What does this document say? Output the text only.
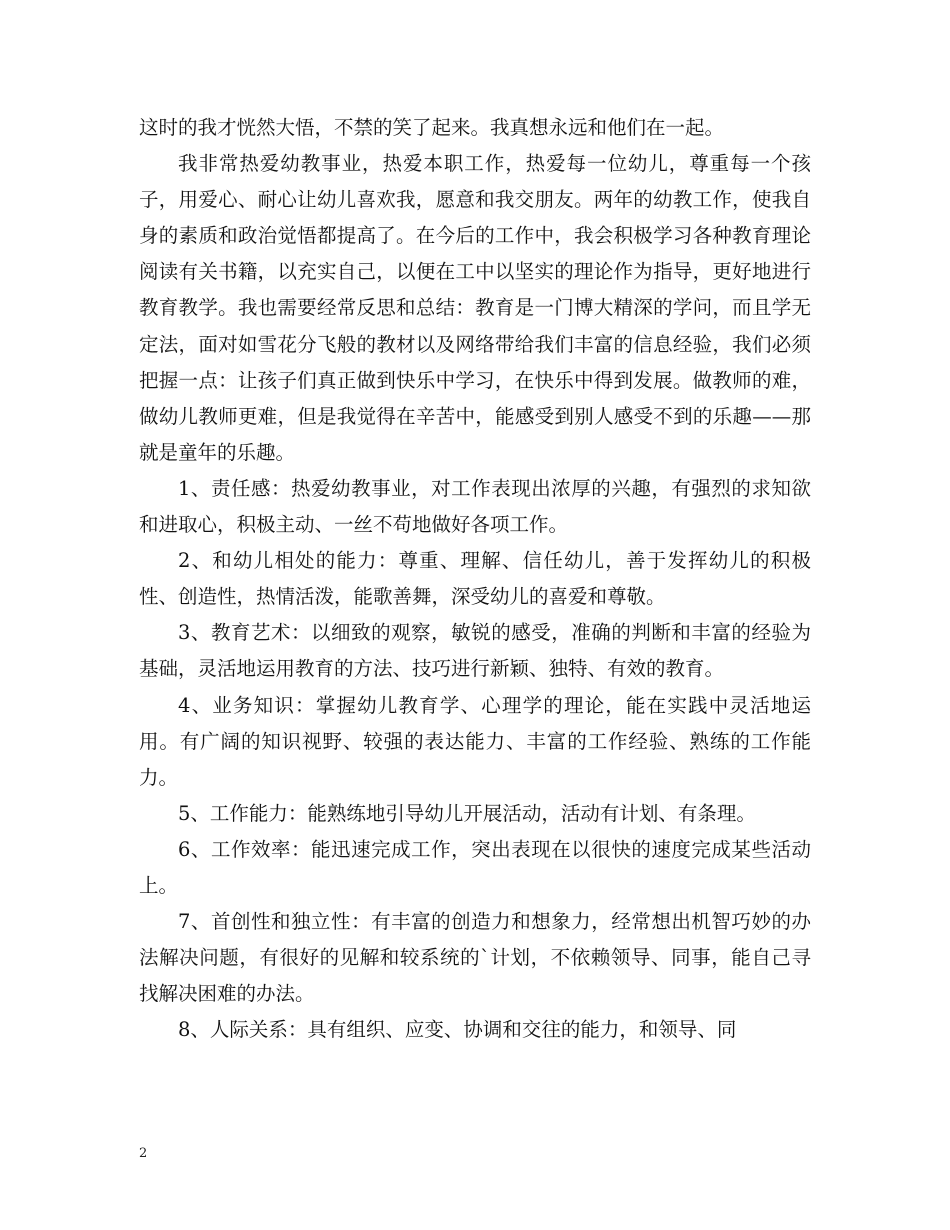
这时的我才恍然大悟，不禁的笑了起来。我真想永远和他们在一起。

我非常热爱幼教事业，热爱本职工作，热爱每一位幼儿，尊重每一个孩子，用爱心、耐心让幼儿喜欢我，愿意和我交朋友。两年的幼教工作，使我自身的素质和政治觉悟都提高了。在今后的工作中，我会积极学习各种教育理论阅读有关书籍，以充实自己，以便在工中以坚实的理论作为指导，更好地进行教育教学。我也需要经常反思和总结：教育是一门博大精深的学问，而且学无定法，面对如雪花分飞般的教材以及网络带给我们丰富的信息经验，我们必须把握一点：让孩子们真正做到快乐中学习，在快乐中得到发展。做教师的难，做幼儿教师更难，但是我觉得在辛苦中，能感受到别人感受不到的乐趣——那就是童年的乐趣。

1、责任感：热爱幼教事业，对工作表现出浓厚的兴趣，有强烈的求知欲和进取心，积极主动、一丝不苟地做好各项工作。

2、和幼儿相处的能力：尊重、理解、信任幼儿，善于发挥幼儿的积极性、创造性，热情活泼，能歌善舞，深受幼儿的喜爱和尊敬。

3、教育艺术：以细致的观察，敏锐的感受，准确的判断和丰富的经验为基础，灵活地运用教育的方法、技巧进行新颖、独特、有效的教育。

4、业务知识：掌握幼儿教育学、心理学的理论，能在实践中灵活地运用。有广阔的知识视野、较强的表达能力、丰富的工作经验、熟练的工作能力。

5、工作能力：能熟练地引导幼儿开展活动，活动有计划、有条理。

6、工作效率：能迅速完成工作，突出表现在以很快的速度完成某些活动上。

7、首创性和独立性：有丰富的创造力和想象力，经常想出机智巧妙的办法解决问题，有很好的见解和较系统的`计划，不依赖领导、同事，能自己寻找解决困难的办法。

8、人际关系：具有组织、应变、协调和交往的能力，和领导、同

2
